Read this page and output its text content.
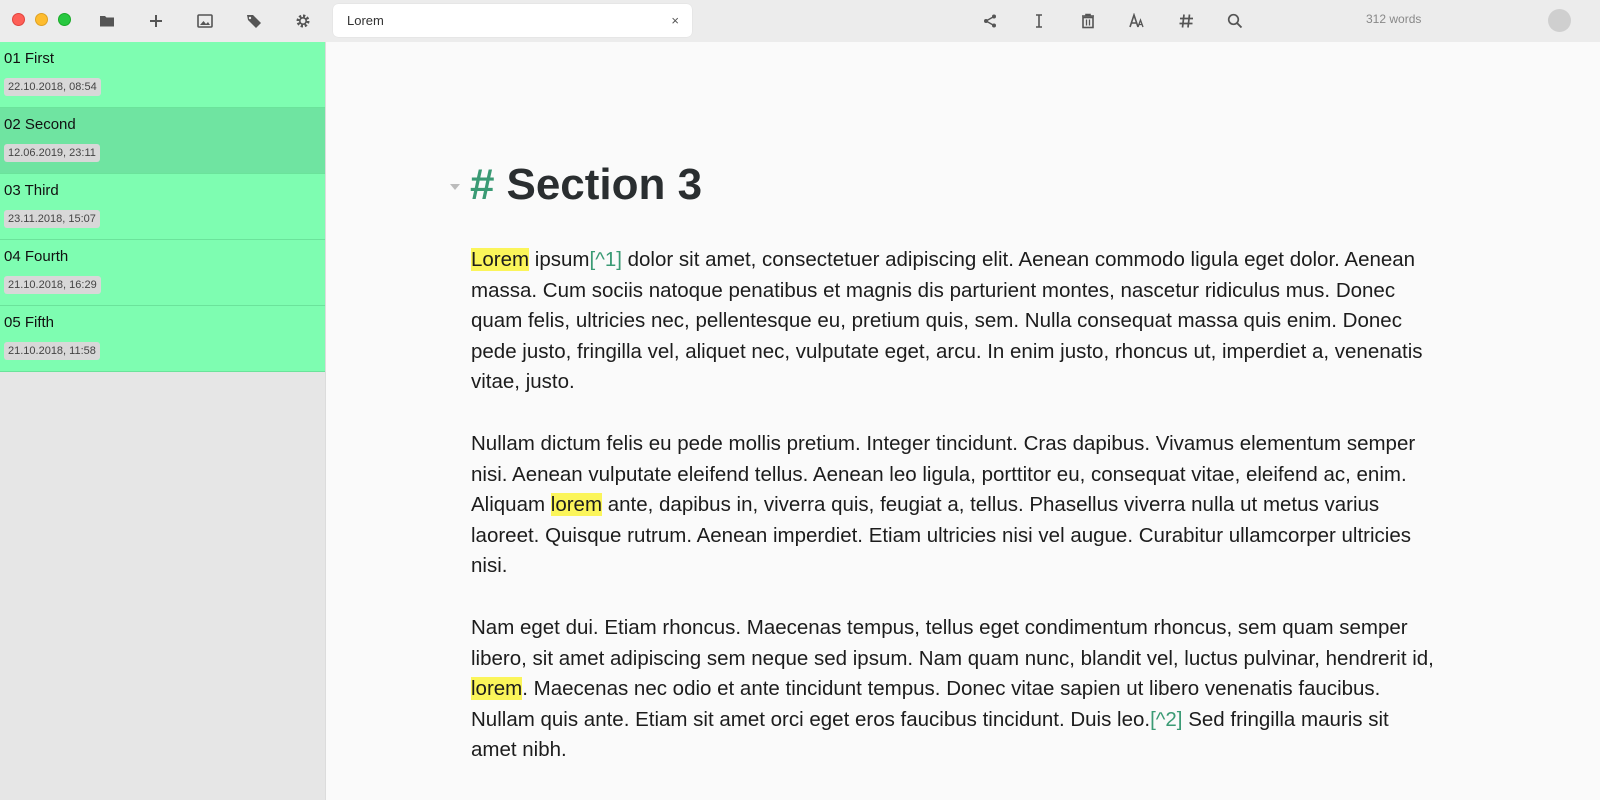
Lorem	×	312 words
01 First
22.10.2018, 08:54
02 Second
12.06.2019, 23:11
03 Third
23.11.2018, 15:07
04 Fourth
21.10.2018, 16:29
05 Fifth
21.10.2018, 11:58
# Section 3
Lorem ipsum[^1] dolor sit amet, consectetuer adipiscing elit. Aenean commodo ligula eget dolor. Aenean
massa. Cum sociis natoque penatibus et magnis dis parturient montes, nascetur ridiculus mus. Donec
quam felis, ultricies nec, pellentesque eu, pretium quis, sem. Nulla consequat massa quis enim. Donec
pede justo, fringilla vel, aliquet nec, vulputate eget, arcu. In enim justo, rhoncus ut, imperdiet a, venenatis
vitae, justo.
Nullam dictum felis eu pede mollis pretium. Integer tincidunt. Cras dapibus. Vivamus elementum semper
nisi. Aenean vulputate eleifend tellus. Aenean leo ligula, porttitor eu, consequat vitae, eleifend ac, enim.
Aliquam lorem ante, dapibus in, viverra quis, feugiat a, tellus. Phasellus viverra nulla ut metus varius
laoreet. Quisque rutrum. Aenean imperdiet. Etiam ultricies nisi vel augue. Curabitur ullamcorper ultricies
nisi.
Nam eget dui. Etiam rhoncus. Maecenas tempus, tellus eget condimentum rhoncus, sem quam semper
libero, sit amet adipiscing sem neque sed ipsum. Nam quam nunc, blandit vel, luctus pulvinar, hendrerit id,
lorem. Maecenas nec odio et ante tincidunt tempus. Donec vitae sapien ut libero venenatis faucibus.
Nullam quis ante. Etiam sit amet orci eget eros faucibus tincidunt. Duis leo.[^2] Sed fringilla mauris sit
amet nibh.
